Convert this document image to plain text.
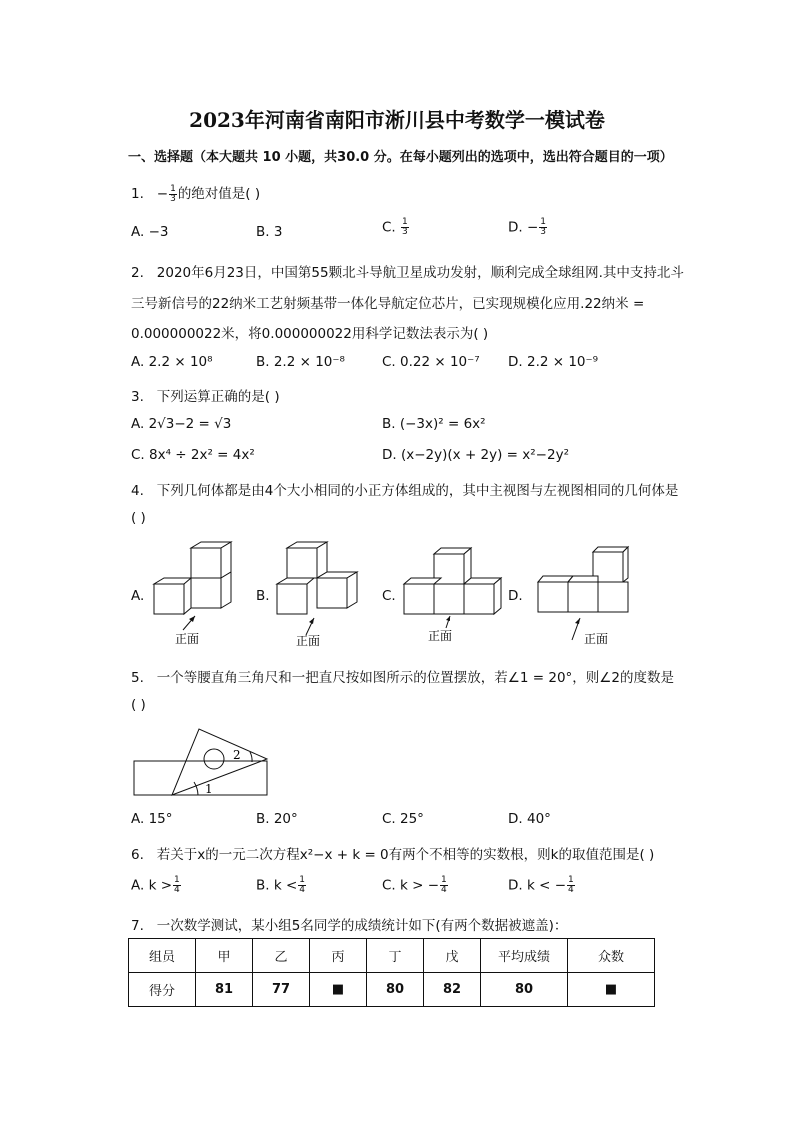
2023年河南省南阳市淅川县中考数学一模试卷
一、选择题（本大题共 10 小题，共30.0 分。在每小题列出的选项中，选出符合题目的一项）
1. − $\frac{1}{3}$ 的绝对值是( )
A. −3	B. 3	C. $\frac{1}{3}$	D. − $\frac{1}{3}$
2. 2020年6月23日，中国第55颗北斗导航卫星成功发射，顺利完成全球组网.其中支持北斗
三号新信号的22纳米工艺射频基带一体化导航定位芯片，已实现规模化应用.22纳米 =
0.000000022米，将0.000000022用科学记数法表示为( )
A. 2.2 × 10⁸	B. 2.2 × 10⁻⁸	C. 0.22 × 10⁻⁷ D. 2.2 × 10⁻⁹
3. 下列运算正确的是( )
A. 2√3−2 = √3	B. (−3x)² = 6x²
C. 8x⁴ ÷ 2x² = 4x²	D. (x−2y)(x + 2y) = x²−2y²
4. 下列几何体都是由4个大小相同的小正方体组成的，其中主视图与左视图相同的几何体是
( )
A.	B.	C.	D.
正面	正面	正面	正面
5. 一个等腰直角三角尺和一把直尺按如图所示的位置摆放，若∠1 = 20°，则∠2的度数是
( )
1
2
A. 15°	B. 20°	C. 25°	D. 40°
6. 若关于x的一元二次方程x²−x + k = 0有两个不相等的实数根，则k的取值范围是( )
A. $k > \frac{1}{4}$	B. $k < \frac{1}{4}$	C. k > − $\frac{1}{4}$	D. k < − $\frac{1}{4}$
7. 一次数学测试，某小组5名同学的成绩统计如下(有两个数据被遮盖)：
组员	甲	乙	丙	丁	戊	平均成绩	众数
得分	81	77	■	80	82	80	■
